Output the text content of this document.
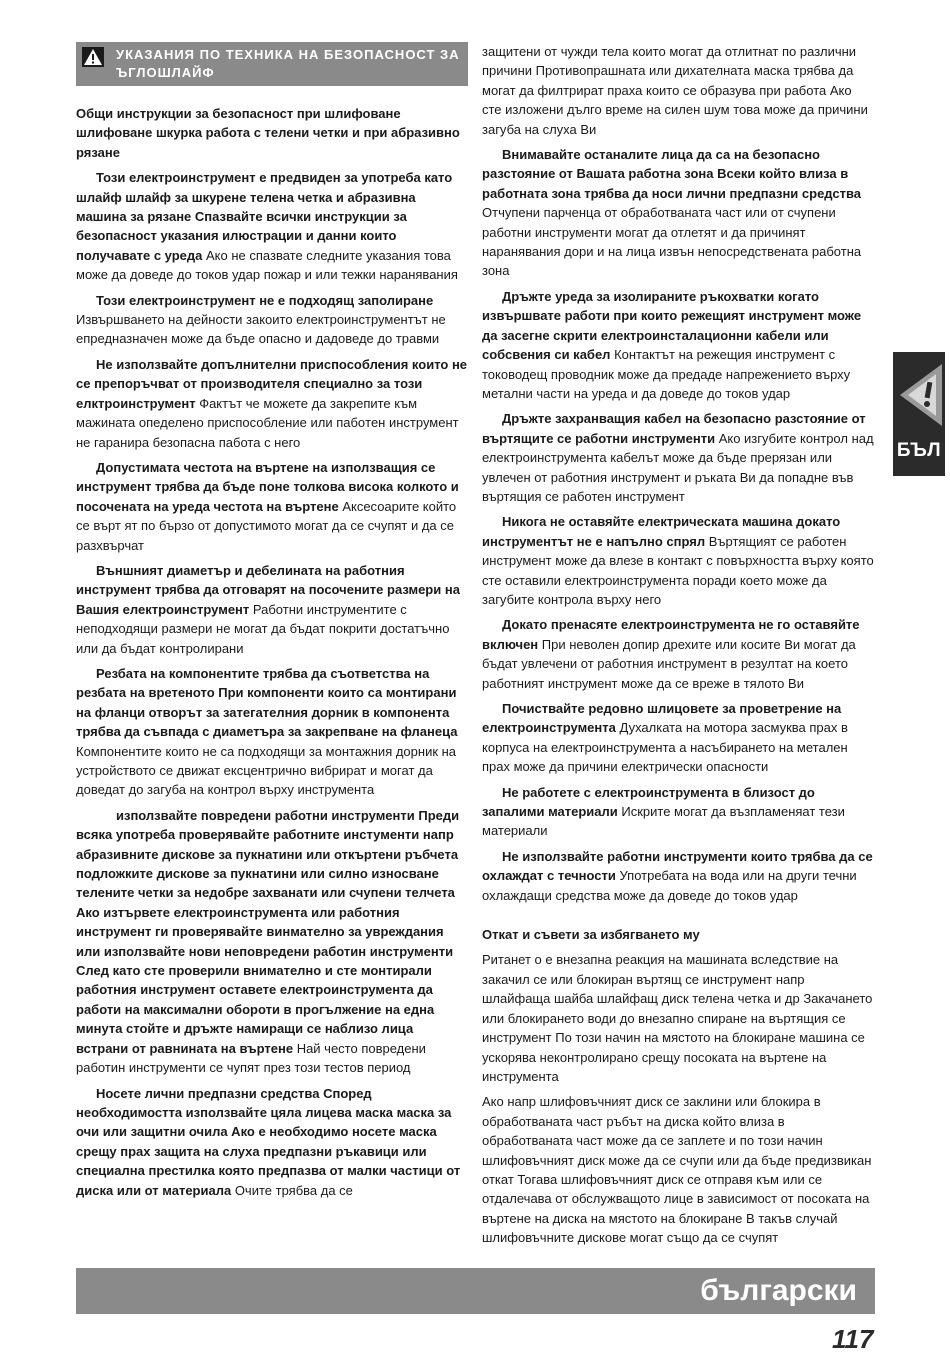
УКАЗАНИЯ ПО ТЕХНИКА НА БЕЗОПАСНОСТ ЗА ЪГЛОШЛАЙФ

Общи инструкции за безопасност при шлифоване шлифоване шкурка работа с телени четки и при абразивно рязане

Този електроинструмент е предвиден за употреба като шлайф шлайф за шкурене телена четка и абразивна машина за рязане Спазвайте всички инструкции за безопасност указания илюстрации и данни които получавате с уреда Ако не спазвате следните указания това може да доведе до токов удар пожар и или тежки наранявания

Този електроинструмент не е подходящ заполиране Извършването на дейности закоито електроинструментът не епредназначен може да бъде опасно и дадоведе до травми

Не използвайте допълнителни приспособления които не се препоръчват от производителя специално за този елктроинструмент Фактът че можете да закрепите към мажината опеделено приспособление или пабoтен инструмент не гаранира безопасна пабота с него

Допустимата честота на въртене на използващия се инструмент трябва да бъде поне толкова висока колкото и посочената на уреда честота на въртене Аксесоарите който се върт ят по бързо от допустимото могат да се счупят и да се разхвърчат

Външният диаметър и дебелината на работния инструмент трябва да отговарят на посочените размери на Вашия електроинструмент Работни инструментите с неподходящи размери не могат да бъдат покрити достатъчно или да бъдат контролирани

Резбата на компонентите трябва да съответства на резбата на вретеното При компоненти които са монтирани на фланци отворът за затегателния дорник в компонента трябва да съвпада с диаметъра за закрепване на фланеца Компонентите които не са подходящи за монтажния дорник на устройството се движат ексцентрично вибрират и могат да доведат до загуба на контрол върху инструмента

използвайте повредени работни инструменти Преди всяка употреба проверявайте работните инстументи напр абразивните дискове за пукнатини или откъртени ръбчета подложките дискове за пукнатини или силно износване телените четки за недобре захванати или счупени телчета Ако изтървете електроинструмента или работния инструмент ги проверявайте винмателно за увреждания или използвайте нови неповредени работин инструменти След като сте проверили внимателно и сте монтирали работния инструмент оставете електроинструмента да работи на максимални обороти в прогължение на една минута стойте и дръжте намиращи се наблизо лица встрани от равнината на въртене Най често повредени работин инструменти се чупят през този тестов период

Носете лични предпазни средства Според необходимостта използвайте цяла лицева маска маска за очи или защитни очила Ако е необходимо носете маска срещу прах защита на слуха предпазни ръкавици или специална престилка която предпазва от малки частици от диска или от материала Очите трябва да се

защитени от чужди тела които могат да отлитнат по различни причини Противопрашната или дихателната маска трябва да могат да филтрират праха които се образува при работа Ако сте изложени дълго време на силен шум това може да причини загуба на слуха Ви

Внимавайте останалите лица да са на безопасно разстояние от Вашата работна зона Всеки който влиза в работната зона трябва да носи лични предпазни средства Отчупени парченца от обработваната част или от счупени работни инструменти могат да отлетят и да причинят наранявания дори и на лица извън непосредствената работна зона

Дръжте уреда за изолираните ръкохватки когато извършвате работи при които режещият инструмент може да засегне скрити електроинсталационни кабели или собсвения си кабел Контактът на режещия инструмент с тоководещ проводник може да предаде напрежението върху метални части на уреда и да доведе до токов удар

Дръжте захранващия кабел на безопасно разстояние от въртящите се работни инструменти Ако изгубите контрол над електроинструмента кабелът може да бъде прерязан или увлечен от работния инструмент и ръката Ви да попадне във въртящия се работен инструмент

Никога не оставяйте електрическата машина докато инструментът не е напълно спрял Въртящият се работен инструмент може да влезе в контакт с повърхността върху която сте оставили електроинструмента поради което може да загубите контрола върху него

Докато пренасяте електроинструмента не го оставяйте включен При неволен допир дрехите или косите Ви могат да бъдат увлечени от работния инструмент в резултат на което работният инструмент може да се вреже в тялото Ви

Почиствайте редовно шлицовете за проветрение на електроинструмента Духалката на мотора засмуква прах в корпуса на електроинструмента а насъбирането на метален прах може да причини електрически опасности

Не работете с електроинструмента в близост до запалими материали Искрите могат да възпламеняат тези материали

Не използвайте работни инструменти които трябва да се охлаждат с течности Употребата на вода или на други течни охлаждащи средства може да доведе до токов удар

Откат и съвети за избягването му

Ританет о е внезапна реакция на машината вследствие на закачил се или блокиран въртящ се инструмент напр шлайфаща шайба шлайфащ диск телена четка и др Закачането или блокирането води до внезапно спиране на въртящия се инструмент По този начин на мястото на блокиране машина се ускорява неконтролирано срещу посоката на въртене на инструмента

Ако напр шлифовъчният диск се заклини или блокира в обработваната част ръбът на диска който влиза в обработваната част може да се заплете и по този начин шлифовъчният диск може да се счупи или да бъде предизвикан откат Тогава шлифовъчният диск се отправя към или се отдалечава от обслужващото лице в зависимост от посоката на въртене на диска на мястото на блокиране В такъв случай шлифовъчните дискове могат също да се счупят

БЪЛ
български
117
